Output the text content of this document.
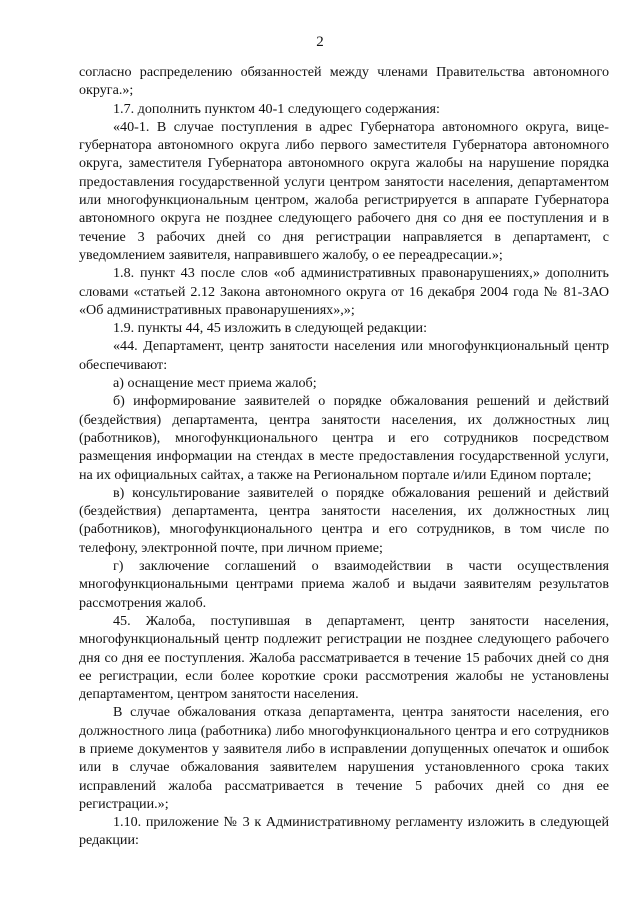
2

согласно распределению обязанностей между членами Правительства автономного округа.»;

1.7. дополнить пунктом 40-1 следующего содержания:

«40-1. В случае поступления в адрес Губернатора автономного округа, вице-губернатора автономного округа либо первого заместителя Губернатора автономного округа, заместителя Губернатора автономного округа жалобы на нарушение порядка предоставления государственной услуги центром занятости населения, департаментом или многофункциональным центром, жалоба регистрируется в аппарате Губернатора автономного округа не позднее следующего рабочего дня со дня ее поступления и в течение 3 рабочих дней со дня регистрации направляется в департамент, с уведомлением заявителя, направившего жалобу, о ее переадресации.»;

1.8. пункт 43 после слов «об административных правонарушениях,» дополнить словами «статьей 2.12 Закона автономного округа от 16 декабря 2004 года № 81-ЗАО «Об административных правонарушениях»,»;

1.9. пункты 44, 45 изложить в следующей редакции:

«44. Департамент, центр занятости населения или многофункциональный центр обеспечивают:

а) оснащение мест приема жалоб;

б) информирование заявителей о порядке обжалования решений и действий (бездействия) департамента, центра занятости населения, их должностных лиц (работников), многофункционального центра и его сотрудников посредством размещения информации на стендах в месте предоставления государственной услуги, на их официальных сайтах, а также на Региональном портале и/или Едином портале;

в) консультирование заявителей о порядке обжалования решений и действий (бездействия) департамента, центра занятости населения, их должностных лиц (работников), многофункционального центра и его сотрудников, в том числе по телефону, электронной почте, при личном приеме;

г) заключение соглашений о взаимодействии в части осуществления многофункциональными центрами приема жалоб и выдачи заявителям результатов рассмотрения жалоб.

45. Жалоба, поступившая в департамент, центр занятости населения, многофункциональный центр подлежит регистрации не позднее следующего рабочего дня со дня ее поступления. Жалоба рассматривается в течение 15 рабочих дней со дня ее регистрации, если более короткие сроки рассмотрения жалобы не установлены департаментом, центром занятости населения.

В случае обжалования отказа департамента, центра занятости населения, его должностного лица (работника) либо многофункционального центра и его сотрудников в приеме документов у заявителя либо в исправлении допущенных опечаток и ошибок или в случае обжалования заявителем нарушения установленного срока таких исправлений жалоба рассматривается в течение 5 рабочих дней со дня ее регистрации.»;

1.10. приложение № 3 к Административному регламенту изложить в следующей редакции:
